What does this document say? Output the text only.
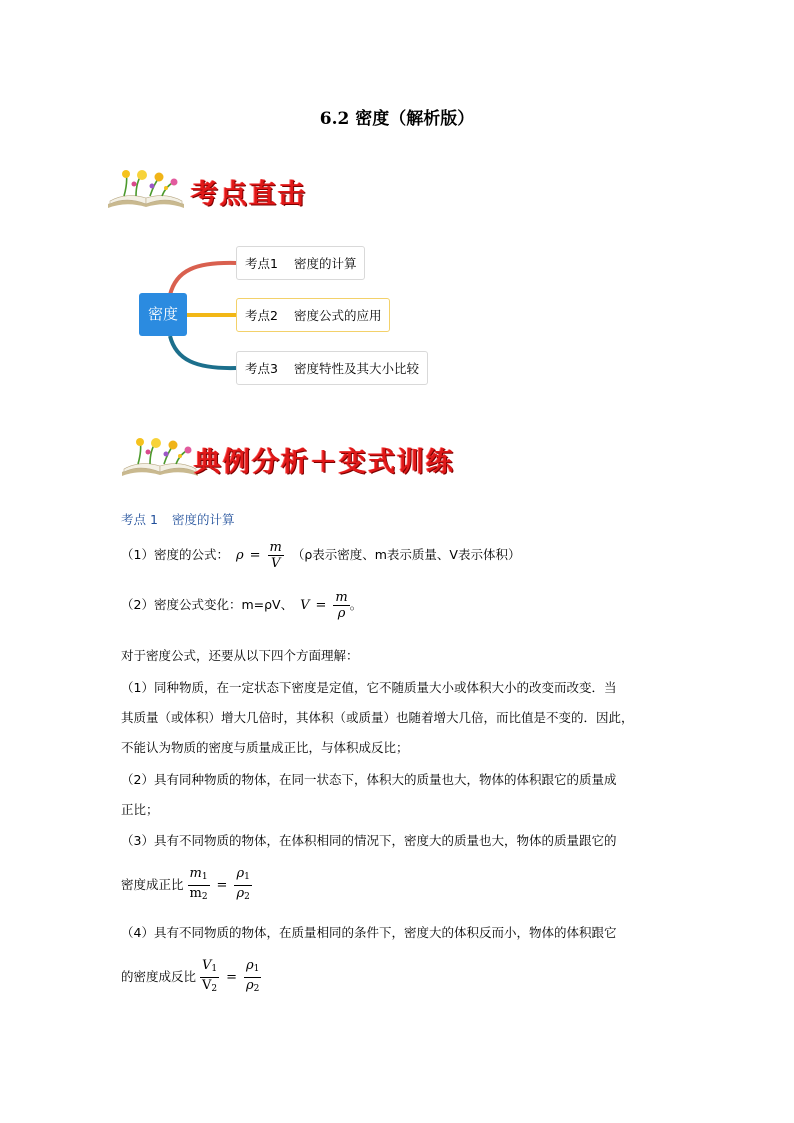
6.2 密度（解析版）
考点直击
密度
考点1 密度的计算
考点2 密度公式的应用
考点3 密度特性及其大小比较
典例分析＋变式训练
考点 1 密度的计算
（1）密度的公式： $\rho = \frac{m}{V} (\rho$表示密度、m表示质量、V表示体积）
（2）密度公式变化：m=ρV、 $V = \frac{m}{\rho}$ 。
对于密度公式，还要从以下四个方面理解：
（1）同种物质，在一定状态下密度是定值，它不随质量大小或体积大小的改变而改变．当
其质量（或体积）增大几倍时，其体积（或质量）也随着增大几倍，而比值是不变的．因此，
不能认为物质的密度与质量成正比，与体积成反比；
（2）具有同种物质的物体，在同一状态下，体积大的质量也大，物体的体积跟它的质量成
正比；
（3）具有不同物质的物体，在体积相同的情况下，密度大的质量也大，物体的质量跟它的
密度成正比 $\frac{m_1}{m_2} = \frac{\rho_1}{\rho_2}$
（4）具有不同物质的物体，在质量相同的条件下，密度大的体积反而小，物体的体积跟它
的密度成反比 $\frac{V_1}{V_2} = \frac{\rho_1}{\rho_2}$
